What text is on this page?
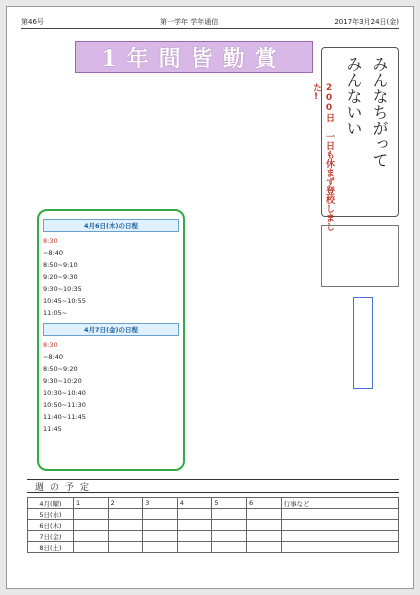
第46号	第一学年 学年通信	2017年3月24日(金)
1年間皆勤賞	みんなちがって
みんないい
200日 一日も休まず登校しました!
4月6日(木)の日程
8:30
~8:40
8:50~9:10
9:20~9:30
9:30~10:35
10:45~10:55
11:05~
4月7日(金)の日程
8:30
~8:40
8:50~9:20
9:30~10:20
10:30~10:40
10:50~11:30
11:40~11:45
11:45
週の予定
4月(曜)	1	2	3	4	5	6	行事など
5日(水)							
6日(木)							
7日(金)							
8日(土)							
